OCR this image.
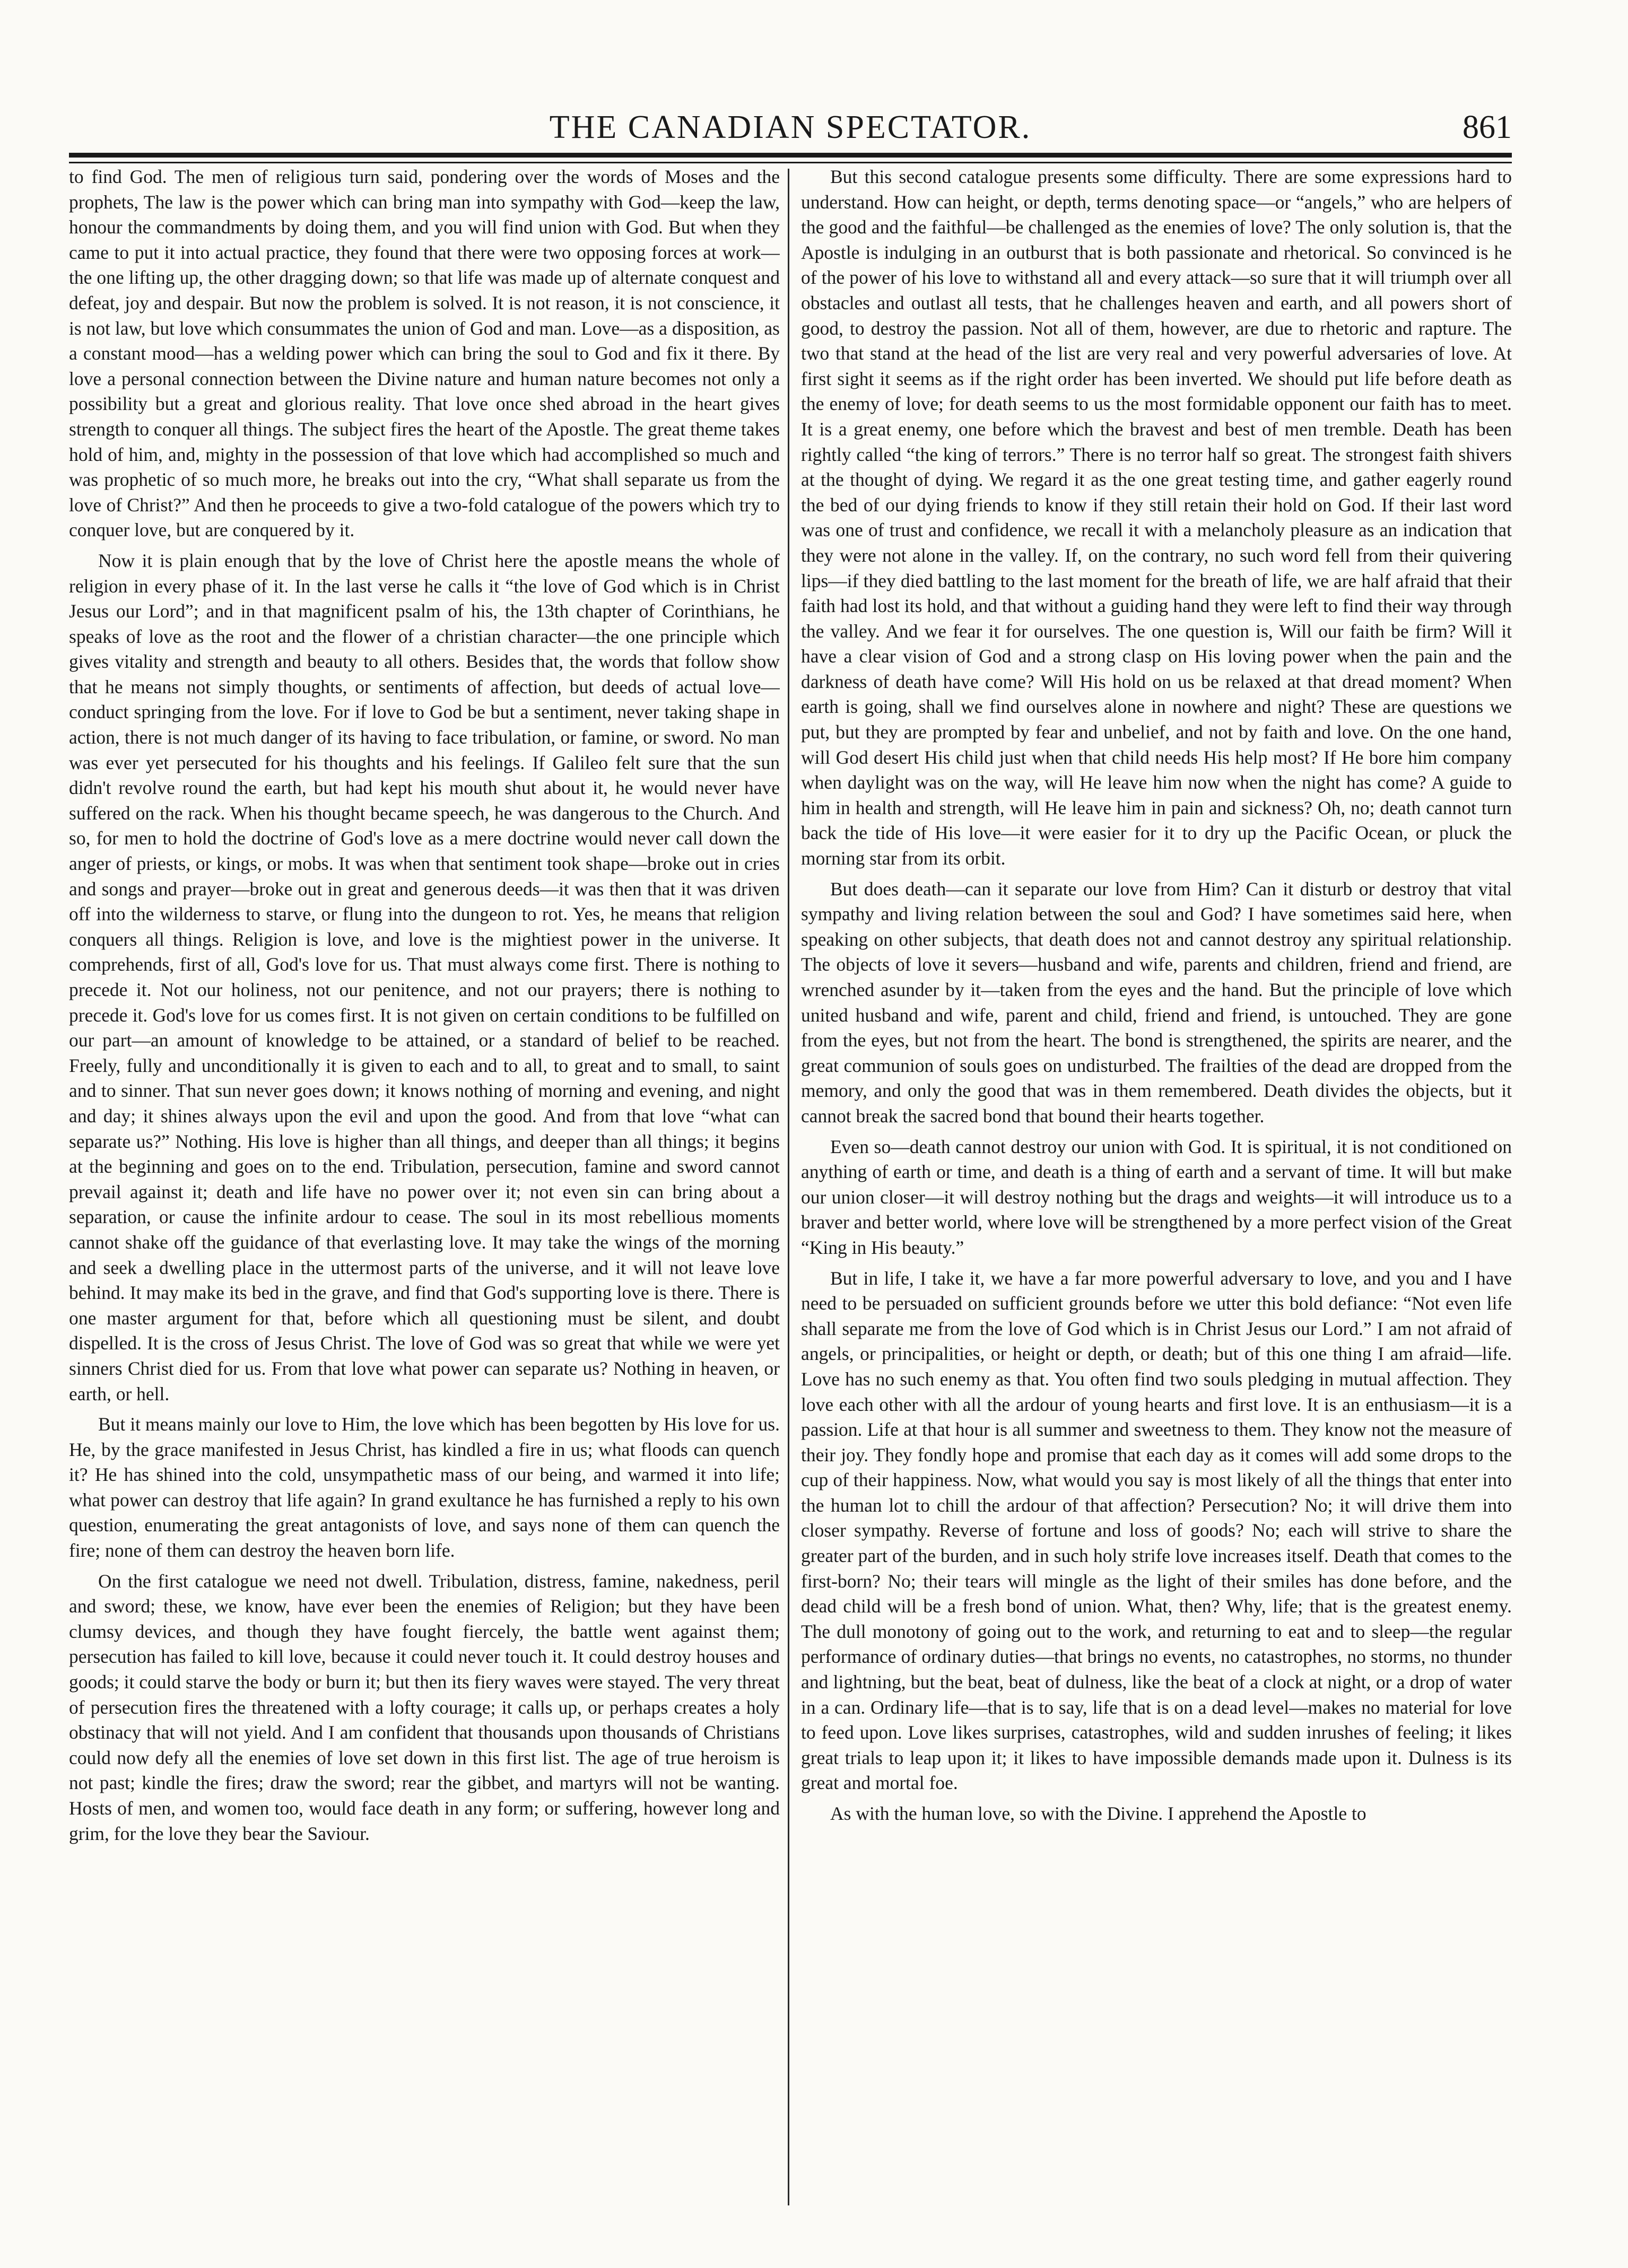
THE CANADIAN SPECTATOR.	861

to find God. The men of religious turn said, pondering over the words of Moses and the prophets, The law is the power which can bring man into sympathy with God—keep the law, honour the commandments by doing them, and you will find union with God. But when they came to put it into actual practice, they found that there were two opposing forces at work—the one lifting up, the other dragging down; so that life was made up of alternate conquest and defeat, joy and despair. But now the problem is solved. It is not reason, it is not conscience, it is not law, but love which consummates the union of God and man. Love—as a disposition, as a constant mood—has a welding power which can bring the soul to God and fix it there. By love a personal connection between the Divine nature and human nature becomes not only a possibility but a great and glorious reality. That love once shed abroad in the heart gives strength to conquer all things. The subject fires the heart of the Apostle. The great theme takes hold of him, and, mighty in the possession of that love which had accomplished so much and was prophetic of so much more, he breaks out into the cry, “What shall separate us from the love of Christ?” And then he proceeds to give a two-fold catalogue of the powers which try to conquer love, but are conquered by it.

Now it is plain enough that by the love of Christ here the apostle means the whole of religion in every phase of it. In the last verse he calls it “the love of God which is in Christ Jesus our Lord”; and in that magnificent psalm of his, the 13th chapter of Corinthians, he speaks of love as the root and the flower of a christian character—the one principle which gives vitality and strength and beauty to all others. Besides that, the words that follow show that he means not simply thoughts, or sentiments of affection, but deeds of actual love—conduct springing from the love. For if love to God be but a sentiment, never taking shape in action, there is not much danger of its having to face tribulation, or famine, or sword. No man was ever yet persecuted for his thoughts and his feelings. If Galileo felt sure that the sun didn't revolve round the earth, but had kept his mouth shut about it, he would never have suffered on the rack. When his thought became speech, he was dangerous to the Church. And so, for men to hold the doctrine of God's love as a mere doctrine would never call down the anger of priests, or kings, or mobs. It was when that sentiment took shape—broke out in cries and songs and prayer—broke out in great and generous deeds—it was then that it was driven off into the wilderness to starve, or flung into the dungeon to rot. Yes, he means that religion conquers all things. Religion is love, and love is the mightiest power in the universe. It comprehends, first of all, God's love for us. That must always come first. There is nothing to precede it. Not our holiness, not our penitence, and not our prayers; there is nothing to precede it. God's love for us comes first. It is not given on certain conditions to be fulfilled on our part—an amount of knowledge to be attained, or a standard of belief to be reached. Freely, fully and unconditionally it is given to each and to all, to great and to small, to saint and to sinner. That sun never goes down; it knows nothing of morning and evening, and night and day; it shines always upon the evil and upon the good. And from that love “what can separate us?” Nothing. His love is higher than all things, and deeper than all things; it begins at the beginning and goes on to the end. Tribulation, persecution, famine and sword cannot prevail against it; death and life have no power over it; not even sin can bring about a separation, or cause the infinite ardour to cease. The soul in its most rebellious moments cannot shake off the guidance of that everlasting love. It may take the wings of the morning and seek a dwelling place in the uttermost parts of the universe, and it will not leave love behind. It may make its bed in the grave, and find that God's supporting love is there. There is one master argument for that, before which all questioning must be silent, and doubt dispelled. It is the cross of Jesus Christ. The love of God was so great that while we were yet sinners Christ died for us. From that love what power can separate us? Nothing in heaven, or earth, or hell.

But it means mainly our love to Him, the love which has been begotten by His love for us. He, by the grace manifested in Jesus Christ, has kindled a fire in us; what floods can quench it? He has shined into the cold, unsympathetic mass of our being, and warmed it into life; what power can destroy that life again? In grand exultance he has furnished a reply to his own question, enumerating the great antagonists of love, and says none of them can quench the fire; none of them can destroy the heaven born life.

On the first catalogue we need not dwell. Tribulation, distress, famine, nakedness, peril and sword; these, we know, have ever been the enemies of Religion; but they have been clumsy devices, and though they have fought fiercely, the battle went against them; persecution has failed to kill love, because it could never touch it. It could destroy houses and goods; it could starve the body or burn it; but then its fiery waves were stayed. The very threat of persecution fires the threatened with a lofty courage; it calls up, or perhaps creates a holy obstinacy that will not yield. And I am confident that thousands upon thousands of Christians could now defy all the enemies of love set down in this first list. The age of true heroism is not past; kindle the fires; draw the sword; rear the gibbet, and martyrs will not be wanting. Hosts of men, and women too, would face death in any form; or suffering, however long and grim, for the love they bear the Saviour.

But this second catalogue presents some difficulty. There are some expressions hard to understand. How can height, or depth, terms denoting space—or “angels,” who are helpers of the good and the faithful—be challenged as the enemies of love? The only solution is, that the Apostle is indulging in an outburst that is both passionate and rhetorical. So convinced is he of the power of his love to withstand all and every attack—so sure that it will triumph over all obstacles and outlast all tests, that he challenges heaven and earth, and all powers short of good, to destroy the passion. Not all of them, however, are due to rhetoric and rapture. The two that stand at the head of the list are very real and very powerful adversaries of love. At first sight it seems as if the right order has been inverted. We should put life before death as the enemy of love; for death seems to us the most formidable opponent our faith has to meet. It is a great enemy, one before which the bravest and best of men tremble. Death has been rightly called “the king of terrors.” There is no terror half so great. The strongest faith shivers at the thought of dying. We regard it as the one great testing time, and gather eagerly round the bed of our dying friends to know if they still retain their hold on God. If their last word was one of trust and confidence, we recall it with a melancholy pleasure as an indication that they were not alone in the valley. If, on the contrary, no such word fell from their quivering lips—if they died battling to the last moment for the breath of life, we are half afraid that their faith had lost its hold, and that without a guiding hand they were left to find their way through the valley. And we fear it for ourselves. The one question is, Will our faith be firm? Will it have a clear vision of God and a strong clasp on His loving power when the pain and the darkness of death have come? Will His hold on us be relaxed at that dread moment? When earth is going, shall we find ourselves alone in nowhere and night? These are questions we put, but they are prompted by fear and unbelief, and not by faith and love. On the one hand, will God desert His child just when that child needs His help most? If He bore him company when daylight was on the way, will He leave him now when the night has come? A guide to him in health and strength, will He leave him in pain and sickness? Oh, no; death cannot turn back the tide of His love—it were easier for it to dry up the Pacific Ocean, or pluck the morning star from its orbit.

But does death—can it separate our love from Him? Can it disturb or destroy that vital sympathy and living relation between the soul and God? I have sometimes said here, when speaking on other subjects, that death does not and cannot destroy any spiritual relationship. The objects of love it severs—husband and wife, parents and children, friend and friend, are wrenched asunder by it—taken from the eyes and the hand. But the principle of love which united husband and wife, parent and child, friend and friend, is untouched. They are gone from the eyes, but not from the heart. The bond is strengthened, the spirits are nearer, and the great communion of souls goes on undisturbed. The frailties of the dead are dropped from the memory, and only the good that was in them remembered. Death divides the objects, but it cannot break the sacred bond that bound their hearts together.

Even so—death cannot destroy our union with God. It is spiritual, it is not conditioned on anything of earth or time, and death is a thing of earth and a servant of time. It will but make our union closer—it will destroy nothing but the drags and weights—it will introduce us to a braver and better world, where love will be strengthened by a more perfect vision of the Great “King in His beauty.”

But in life, I take it, we have a far more powerful adversary to love, and you and I have need to be persuaded on sufficient grounds before we utter this bold defiance: “Not even life shall separate me from the love of God which is in Christ Jesus our Lord.” I am not afraid of angels, or principalities, or height or depth, or death; but of this one thing I am afraid—life. Love has no such enemy as that. You often find two souls pledging in mutual affection. They love each other with all the ardour of young hearts and first love. It is an enthusiasm—it is a passion. Life at that hour is all summer and sweetness to them. They know not the measure of their joy. They fondly hope and promise that each day as it comes will add some drops to the cup of their happiness. Now, what would you say is most likely of all the things that enter into the human lot to chill the ardour of that affection? Persecution? No; it will drive them into closer sympathy. Reverse of fortune and loss of goods? No; each will strive to share the greater part of the burden, and in such holy strife love increases itself. Death that comes to the first-born? No; their tears will mingle as the light of their smiles has done before, and the dead child will be a fresh bond of union. What, then? Why, life; that is the greatest enemy. The dull monotony of going out to the work, and returning to eat and to sleep—the regular performance of ordinary duties—that brings no events, no catastrophes, no storms, no thunder and lightning, but the beat, beat of dulness, like the beat of a clock at night, or a drop of water in a can. Ordinary life—that is to say, life that is on a dead level—makes no material for love to feed upon. Love likes surprises, catastrophes, wild and sudden inrushes of feeling; it likes great trials to leap upon it; it likes to have impossible demands made upon it. Dulness is its great and mortal foe.

As with the human love, so with the Divine. I apprehend the Apostle to
